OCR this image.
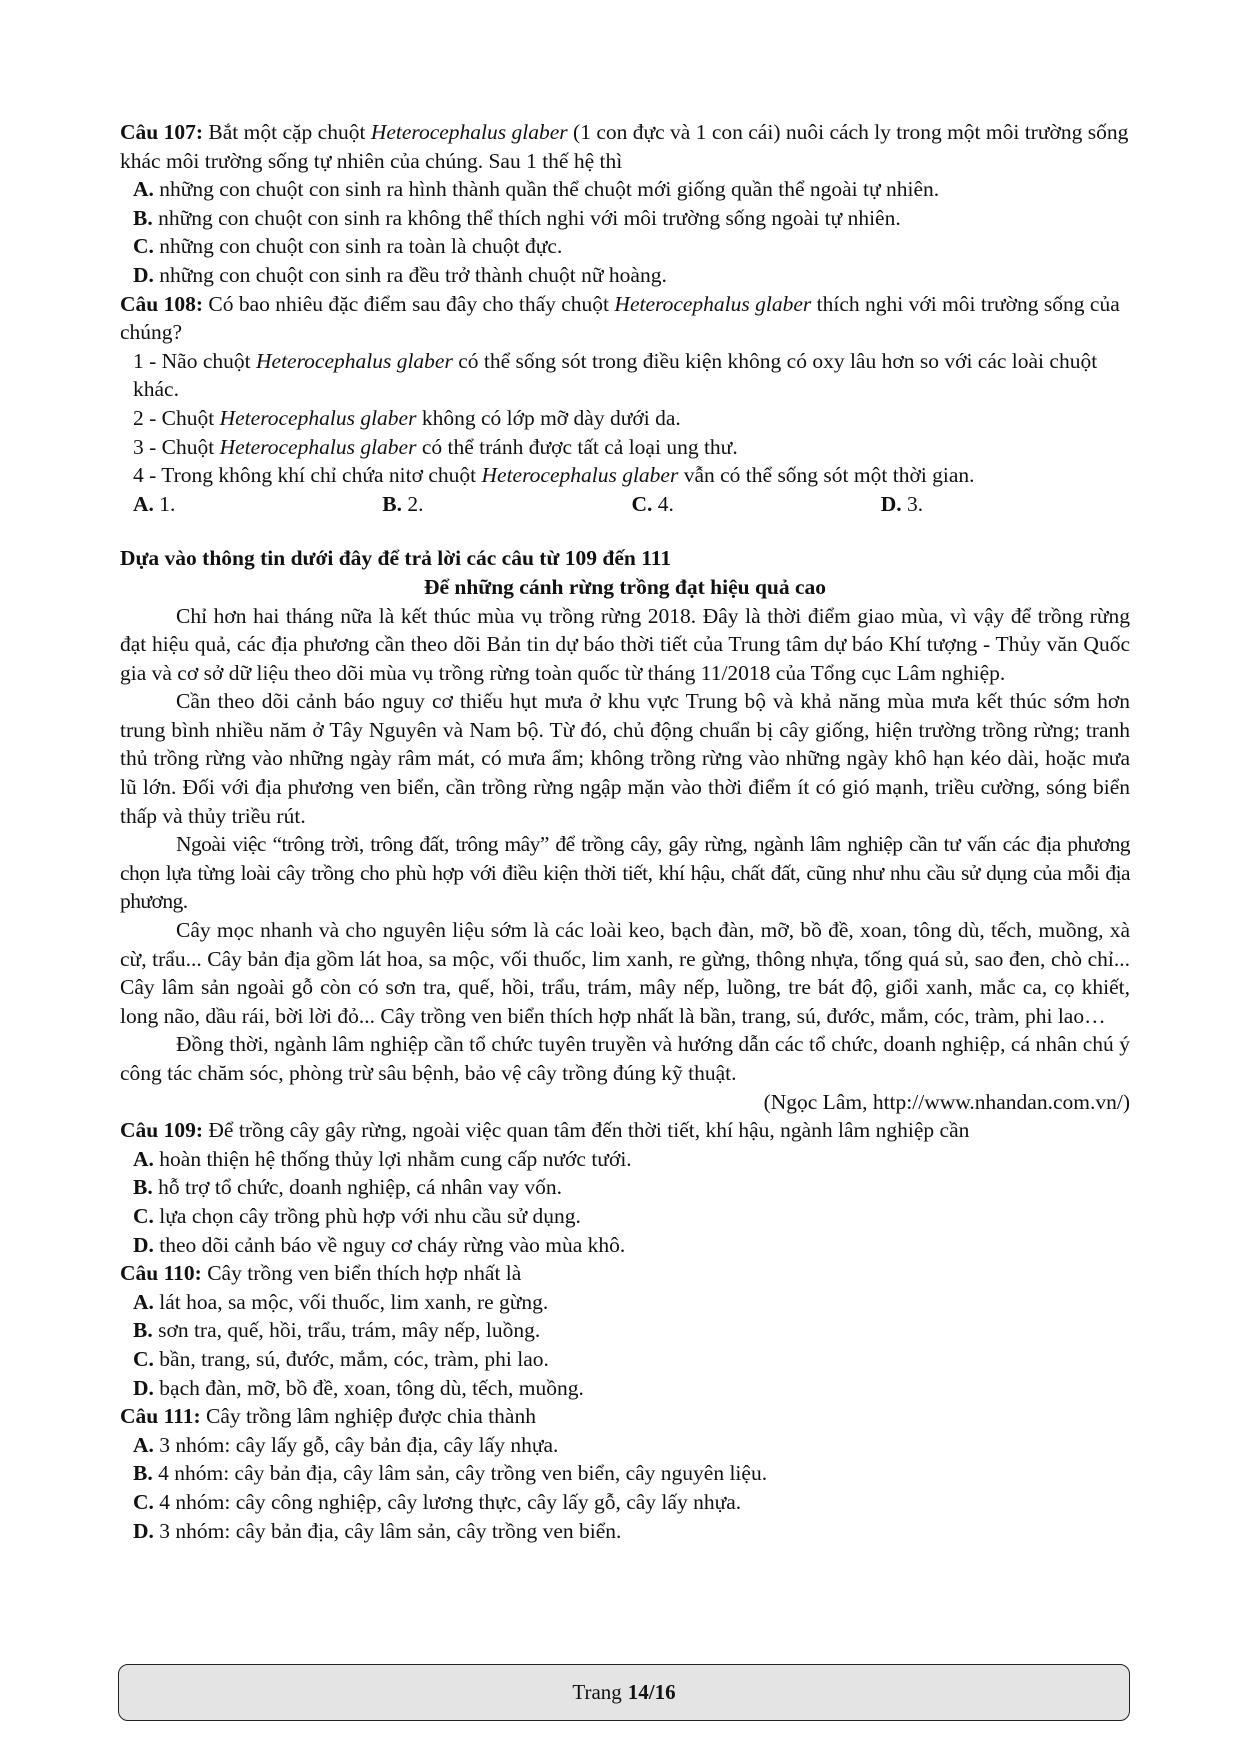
Câu 107: Bắt một cặp chuột Heterocephalus glaber (1 con đực và 1 con cái) nuôi cách ly trong một môi trường sống khác môi trường sống tự nhiên của chúng. Sau 1 thế hệ thì
A. những con chuột con sinh ra hình thành quần thể chuột mới giống quần thể ngoài tự nhiên.
B. những con chuột con sinh ra không thể thích nghi với môi trường sống ngoài tự nhiên.
C. những con chuột con sinh ra toàn là chuột đực.
D. những con chuột con sinh ra đều trở thành chuột nữ hoàng.
Câu 108: Có bao nhiêu đặc điểm sau đây cho thấy chuột Heterocephalus glaber thích nghi với môi trường sống của chúng?
1 - Não chuột Heterocephalus glaber có thể sống sót trong điều kiện không có oxy lâu hơn so với các loài chuột khác.
2 - Chuột Heterocephalus glaber không có lớp mỡ dày dưới da.
3 - Chuột Heterocephalus glaber có thể tránh được tất cả loại ung thư.
4 - Trong không khí chỉ chứa nitơ chuột Heterocephalus glaber vẫn có thể sống sót một thời gian.
A. 1.	B. 2.	C. 4.	D. 3.
Dựa vào thông tin dưới đây để trả lời các câu từ 109 đến 111
Để những cánh rừng trồng đạt hiệu quả cao
Chỉ hơn hai tháng nữa là kết thúc mùa vụ trồng rừng 2018. Đây là thời điểm giao mùa, vì vậy để trồng rừng đạt hiệu quả, các địa phương cần theo dõi Bản tin dự báo thời tiết của Trung tâm dự báo Khí tượng - Thủy văn Quốc gia và cơ sở dữ liệu theo dõi mùa vụ trồng rừng toàn quốc từ tháng 11/2018 của Tổng cục Lâm nghiệp.
Cần theo dõi cảnh báo nguy cơ thiếu hụt mưa ở khu vực Trung bộ và khả năng mùa mưa kết thúc sớm hơn trung bình nhiều năm ở Tây Nguyên và Nam bộ. Từ đó, chủ động chuẩn bị cây giống, hiện trường trồng rừng; tranh thủ trồng rừng vào những ngày râm mát, có mưa ẩm; không trồng rừng vào những ngày khô hạn kéo dài, hoặc mưa lũ lớn. Đối với địa phương ven biển, cần trồng rừng ngập mặn vào thời điểm ít có gió mạnh, triều cường, sóng biển thấp và thủy triều rút.
Ngoài việc “trông trời, trông đất, trông mây” để trồng cây, gây rừng, ngành lâm nghiệp cần tư vấn các địa phương chọn lựa từng loài cây trồng cho phù hợp với điều kiện thời tiết, khí hậu, chất đất, cũng như nhu cầu sử dụng của mỗi địa phương.
Cây mọc nhanh và cho nguyên liệu sớm là các loài keo, bạch đàn, mỡ, bồ đề, xoan, tông dù, tếch, muồng, xà cừ, trẩu... Cây bản địa gồm lát hoa, sa mộc, vối thuốc, lim xanh, re gừng, thông nhựa, tống quá sủ, sao đen, chò chỉ... Cây lâm sản ngoài gỗ còn có sơn tra, quế, hồi, trẩu, trám, mây nếp, luồng, tre bát độ, giổi xanh, mắc ca, cọ khiết, long não, dầu rái, bời lời đỏ... Cây trồng ven biển thích hợp nhất là bần, trang, sú, đước, mắm, cóc, tràm, phi lao…
Đồng thời, ngành lâm nghiệp cần tổ chức tuyên truyền và hướng dẫn các tổ chức, doanh nghiệp, cá nhân chú ý công tác chăm sóc, phòng trừ sâu bệnh, bảo vệ cây trồng đúng kỹ thuật.
(Ngọc Lâm, http://www.nhandan.com.vn/)
Câu 109: Để trồng cây gây rừng, ngoài việc quan tâm đến thời tiết, khí hậu, ngành lâm nghiệp cần
A. hoàn thiện hệ thống thủy lợi nhằm cung cấp nước tưới.
B. hỗ trợ tổ chức, doanh nghiệp, cá nhân vay vốn.
C. lựa chọn cây trồng phù hợp với nhu cầu sử dụng.
D. theo dõi cảnh báo về nguy cơ cháy rừng vào mùa khô.
Câu 110: Cây trồng ven biển thích hợp nhất là
A. lát hoa, sa mộc, vối thuốc, lim xanh, re gừng.
B. sơn tra, quế, hồi, trẩu, trám, mây nếp, luồng.
C. bần, trang, sú, đước, mắm, cóc, tràm, phi lao.
D. bạch đàn, mỡ, bồ đề, xoan, tông dù, tếch, muồng.
Câu 111: Cây trồng lâm nghiệp được chia thành
A. 3 nhóm: cây lấy gỗ, cây bản địa, cây lấy nhựa.
B. 4 nhóm: cây bản địa, cây lâm sản, cây trồng ven biển, cây nguyên liệu.
C. 4 nhóm: cây công nghiệp, cây lương thực, cây lấy gỗ, cây lấy nhựa.
D. 3 nhóm: cây bản địa, cây lâm sản, cây trồng ven biển.
Trang 14/16
